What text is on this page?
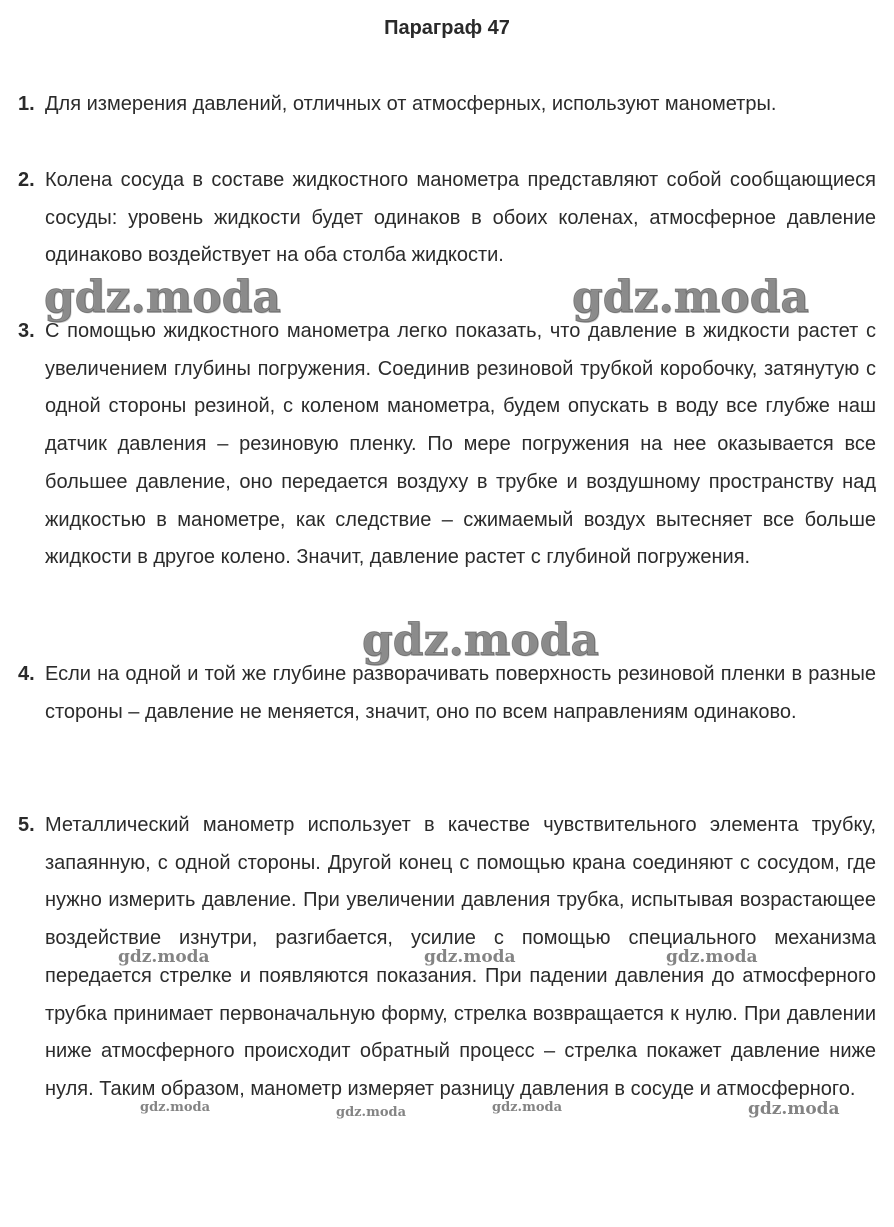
Параграф 47
1. Для измерения давлений, отличных от атмосферных, используют манометры.
2. Колена сосуда в составе жидкостного манометра представляют собой сообщающиеся сосуды: уровень жидкости будет одинаков в обоих коленах, атмосферное давление одинаково воздействует на оба столба жидкости.
3. С помощью жидкостного манометра легко показать, что давление в жидкости растет с увеличением глубины погружения. Соединив резиновой трубкой коробочку, затянутую с одной стороны резиной, с коленом манометра, будем опускать в воду все глубже наш датчик давления – резиновую пленку. По мере погружения на нее оказывается все большее давление, оно передается воздуху в трубке и воздушному пространству над жидкостью в манометре, как следствие – сжимаемый воздух вытесняет все больше жидкости в другое колено. Значит, давление растет с глубиной погружения.
4. Если на одной и той же глубине разворачивать поверхность резиновой пленки в разные стороны – давление не меняется, значит, оно по всем направлениям одинаково.
5. Металлический манометр использует в качестве чувствительного элемента трубку, запаянную, с одной стороны. Другой конец с помощью крана соединяют с сосудом, где нужно измерить давление. При увеличении давления трубка, испытывая возрастающее воздействие изнутри, разгибается, усилие с помощью специального механизма передается стрелке и появляются показания. При падении давления до атмосферного трубка принимает первоначальную форму, стрелка возвращается к нулю. При давлении ниже атмосферного происходит обратный процесс – стрелка покажет давление ниже нуля. Таким образом, манометр измеряет разницу давления в сосуде и атмосферного.
gdz.moda	gdz.moda
gdz.moda
gdz.moda	gdz.moda	gdz.moda
gdz.moda	gdz.moda	gdz.moda	gdz.moda
